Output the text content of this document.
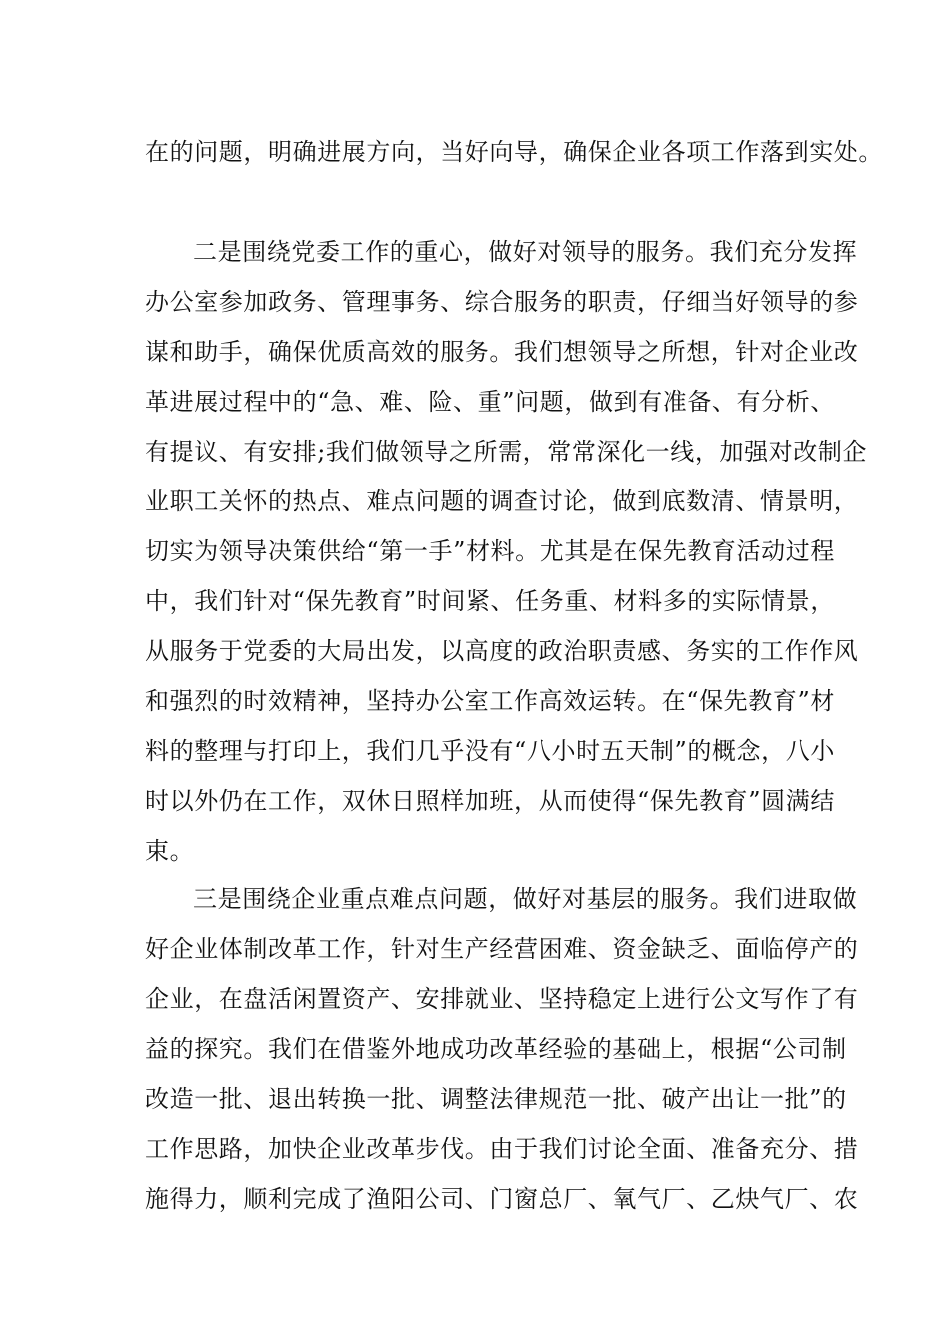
在的问题，明确进展方向，当好向导，确保企业各项工作落到实处。
二是围绕党委工作的重心，做好对领导的服务。我们充分发挥
办公室参加政务、管理事务、综合服务的职责，仔细当好领导的参
谋和助手，确保优质高效的服务。我们想领导之所想，针对企业改
革进展过程中的“急、难、险、重”问题，做到有准备、有分析、
有提议、有安排;我们做领导之所需，常常深化一线，加强对改制企
业职工关怀的热点、难点问题的调查讨论，做到底数清、情景明，
切实为领导决策供给“第一手”材料。尤其是在保先教育活动过程
中，我们针对“保先教育”时间紧、任务重、材料多的实际情景，
从服务于党委的大局出发，以高度的政治职责感、务实的工作作风
和强烈的时效精神，坚持办公室工作高效运转。在“保先教育”材
料的整理与打印上，我们几乎没有“八小时五天制”的概念，八小
时以外仍在工作，双休日照样加班，从而使得“保先教育”圆满结
束。
三是围绕企业重点难点问题，做好对基层的服务。我们进取做
好企业体制改革工作，针对生产经营困难、资金缺乏、面临停产的
企业，在盘活闲置资产、安排就业、坚持稳定上进行公文写作了有
益的探究。我们在借鉴外地成功改革经验的基础上，根据“公司制
改造一批、退出转换一批、调整法律规范一批、破产出让一批”的
工作思路，加快企业改革步伐。由于我们讨论全面、准备充分、措
施得力，顺利完成了渔阳公司、门窗总厂、氧气厂、乙炔气厂、农
